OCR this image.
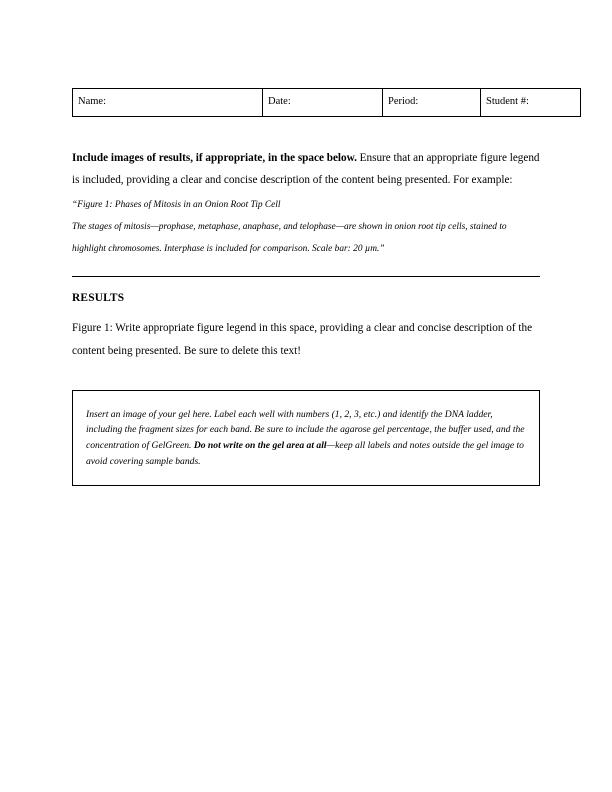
Name:	Date:	Period:	Student #:

Include images of results, if appropriate, in the space below. Ensure that an appropriate figure legend is included, providing a clear and concise description of the content being presented. For example:

“Figure 1: Phases of Mitosis in an Onion Root Tip Cell
The stages of mitosis—prophase, metaphase, anaphase, and telophase—are shown in onion root tip cells, stained to
highlight chromosomes. Interphase is included for comparison. Scale bar: 20 µm.”
RESULTS

Figure 1: Write appropriate figure legend in this space, providing a clear and concise description of the content being presented. Be sure to delete this text!

Insert an image of your gel here. Label each well with numbers (1, 2, 3, etc.) and identify the DNA ladder, including the fragment sizes for each band. Be sure to include the agarose gel percentage, the buffer used, and the concentration of GelGreen. Do not write on the gel area at all—keep all labels and notes outside the gel image to avoid covering sample bands.
